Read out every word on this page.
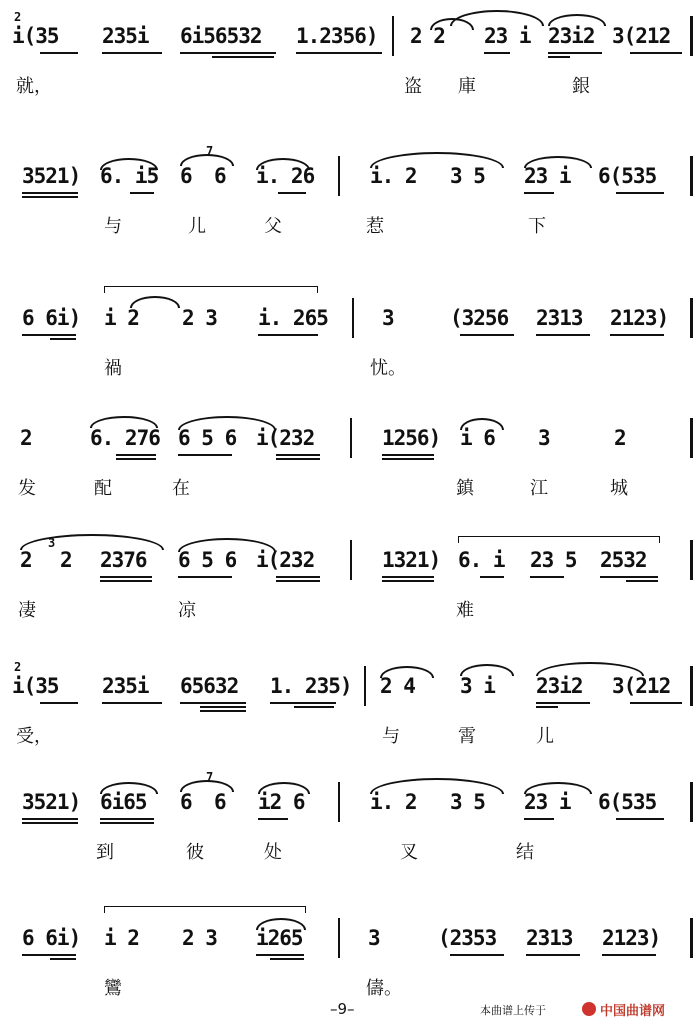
2
i(35 235i 6i56532 1.2356) 2 2 23 i 23i2 3(212
就，	盗 庫	銀
3521) 6. i5
7
6 6 i. 26	i. 2 3 5 23 i 6(535
与	儿	父	惹	下
6 6i) i 2 2 3 i. 265	3	(3256 2313 2123)
禍	忧。
2	6. 276 6 5 6 i(232	1256) i 6 3	2
发	配	在	鎮	江	城
3
2 2 2376 6 5 6 i(232	1321) 6. i 23 5 2532
凄	凉	难
2
i(35 235i 65632 1. 235) 2 4 3 i 23i2 3(212
受，	与	霄	儿
3521) 6i65
7
6 6 i2 6	i. 2 3 5 23 i 6(535
到	彼	处	叉	结
6 6i) i 2 2 3 i265	3	(2353 2313 2123)
鸞	儔。
–9–	本曲谱上传于	中国曲谱网
